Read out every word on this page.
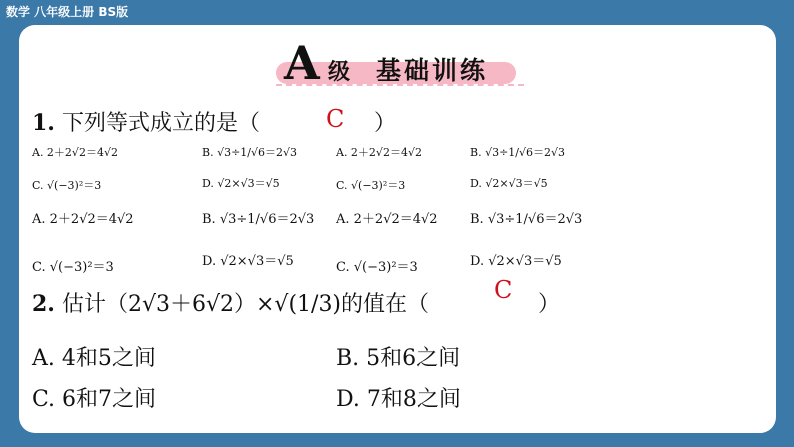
数学 八年级上册 BS版
A 级 基础训练
1. 下列等式成立的是（	C ）
A. 2＋2√2＝4√2	B. √3÷1/√6＝2√3	A. 2＋2√2＝4√2	B. √3÷1/√6＝2√3
C. √(−3)²＝3	D. √2×√3＝√5	C. √(−3)²＝3	D. √2×√3＝√5
A. 2＋2√2＝4√2	B. √3÷1/√6＝2√3 A. 2＋2√2＝4√2 B. √3÷1/√6＝2√3
C. √(−3)²＝3	D. √2×√3＝√5	C. √(−3)²＝3	D. √2×√3＝√5
2. 估计（2√3＋6√2）×√(1/3)的值在（
C
）
A. 4和5之间	B. 5和6之间
C. 6和7之间	D. 7和8之间
